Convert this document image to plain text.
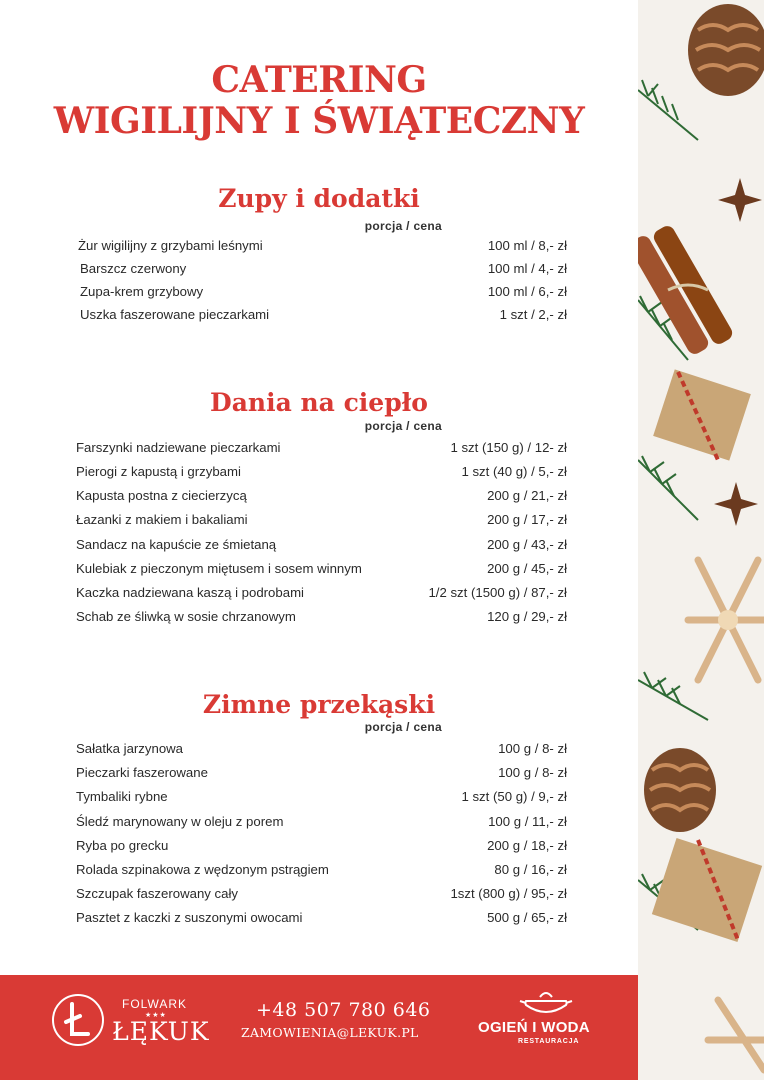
CATERING
WIGILIJNY I ŚWIĄTECZNY
Zupy i dodatki
porcja / cena
Żur wigilijny z grzybami leśnymi	100 ml / 8,- zł
Barszcz czerwony	100 ml / 4,- zł
Zupa-krem grzybowy	100 ml / 6,- zł
Uszka faszerowane pieczarkami	1 szt / 2,- zł
Dania na ciepło
porcja / cena
Farszynki nadziewane pieczarkami	1 szt (150 g) / 12- zł
Pierogi z kapustą i grzybami	1 szt (40 g) / 5,- zł
Kapusta postna z ciecierzycą	200 g / 21,- zł
Łazanki z makiem i bakaliami	200 g / 17,- zł
Sandacz na kapuście ze śmietaną	200 g / 43,- zł
Kulebiak z pieczonym miętusem i sosem winnym	200 g / 45,- zł
Kaczka nadziewana kaszą i podrobami	1/2 szt (1500 g) / 87,- zł
Schab ze śliwką w sosie chrzanowym	120 g / 29,- zł
Zimne przekąski
porcja / cena
Sałatka jarzynowa	100 g / 8- zł
Pieczarki faszerowane	100 g / 8- zł
Tymbaliki rybne	1 szt (50 g) / 9,- zł
Śledź marynowany w oleju z porem	100 g / 11,- zł
Ryba po grecku	200 g / 18,- zł
Rolada szpinakowa z wędzonym pstrągiem	80 g / 16,- zł
Szczupak faszerowany cały	1szt (800 g) / 95,- zł
Pasztet z kaczki z suszonymi owocami	500 g / 65,- zł
FOLWARK
★★★
ŁĘKUK
+48 507 780 646
ZAMOWIENIA@LEKUK.PL	OGIEŃ I WODA
RESTAURACJA
